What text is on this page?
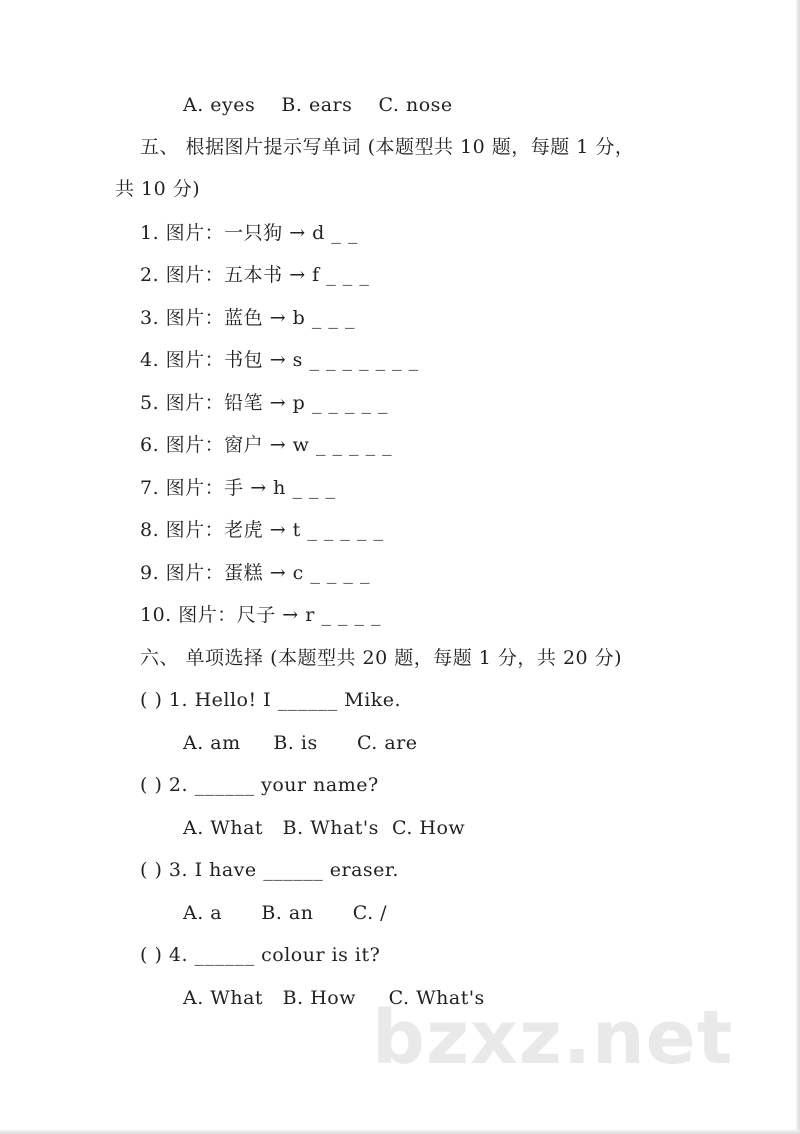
A. eyes    B. ears    C. nose
五、 根据图片提示写单词 (本题型共 10 题，每题 1 分，
共 10 分)
1. 图片：一只狗 → d _ _
2. 图片：五本书 → f _ _ _
3. 图片：蓝色 → b _ _ _
4. 图片：书包 → s _ _ _ _ _ _ _
5. 图片：铅笔 → p _ _ _ _ _
6. 图片：窗户 → w _ _ _ _ _
7. 图片：手 → h _ _ _
8. 图片：老虎 → t _ _ _ _ _
9. 图片：蛋糕 → c _ _ _ _
10. 图片：尺子 → r _ _ _ _
六、 单项选择 (本题型共 20 题，每题 1 分，共 20 分)
( ) 1. Hello! I ______ Mike.
A. am     B. is      C. are
( ) 2. ______ your name?
A. What   B. What's  C. How
( ) 3. I have ______ eraser.
A. a      B. an      C. /
( ) 4. ______ colour is it?
A. What   B. How     C. What's
bzxz.net
